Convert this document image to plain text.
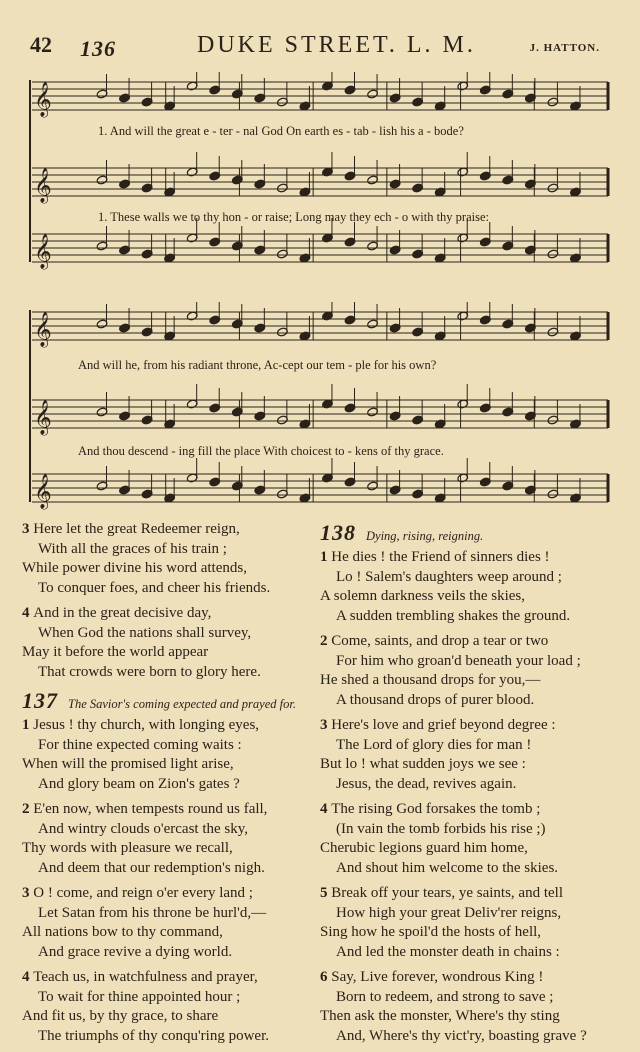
42 136	DUKE STREET. L. M.	J. HATTON.
𝄞
𝄞
𝄞
1. And will the great e - ter - nal God On earth es - tab - lish his a - bode?
1. These walls we to thy hon - or raise; Long may they ech - o with thy praise:
𝄞
𝄞
𝄞
And will he, from his radiant throne, Ac-cept our tem - ple for his own?
And thou descend - ing fill the place With choicest to - kens of thy grace.
3 Here let the great Redeemer reign,
With all the graces of his train ;
While power divine his word attends,
To conquer foes, and cheer his friends.
4 And in the great decisive day,
When God the nations shall survey,
May it before the world appear
That crowds were born to glory here.
137 The Savior's coming expected and prayed for.
1 Jesus ! thy church, with longing eyes,
For thine expected coming waits :
When will the promised light arise,
And glory beam on Zion's gates ?
2 E'en now, when tempests round us fall,
And wintry clouds o'ercast the sky,
Thy words with pleasure we recall,
And deem that our redemption's nigh.
3 O ! come, and reign o'er every land ;
Let Satan from his throne be hurl'd,—
All nations bow to thy command,
And grace revive a dying world.
4 Teach us, in watchfulness and prayer,
To wait for thine appointed hour ;
And fit us, by thy grace, to share
The triumphs of thy conqu'ring power.
138 Dying, rising, reigning.
1 He dies ! the Friend of sinners dies !
Lo ! Salem's daughters weep around ;
A solemn darkness veils the skies,
A sudden trembling shakes the ground.
2 Come, saints, and drop a tear or two
For him who groan'd beneath your load ;
He shed a thousand drops for you,—
A thousand drops of purer blood.
3 Here's love and grief beyond degree :
The Lord of glory dies for man !
But lo ! what sudden joys we see :
Jesus, the dead, revives again.
4 The rising God forsakes the tomb ;
(In vain the tomb forbids his rise ;)
Cherubic legions guard him home,
And shout him welcome to the skies.
5 Break off your tears, ye saints, and tell
How high your great Deliv'rer reigns,
Sing how he spoil'd the hosts of hell,
And led the monster death in chains :
6 Say, Live forever, wondrous King !
Born to redeem, and strong to save ;
Then ask the monster, Where's thy sting
And, Where's thy vict'ry, boasting grave ?
